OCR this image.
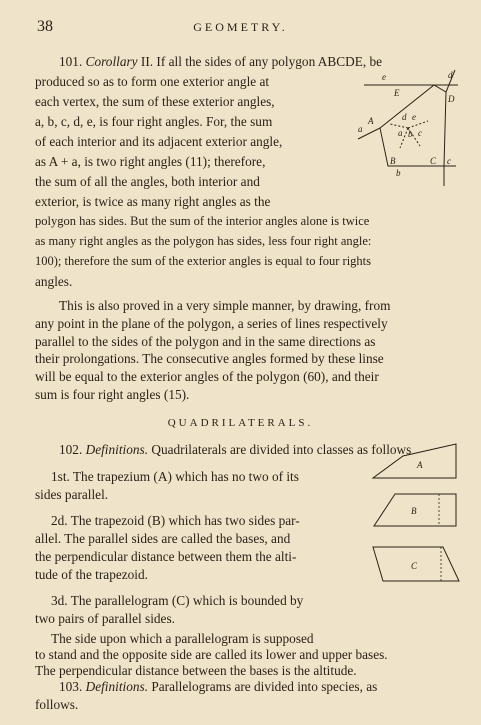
38	GEOMETRY.

101. Corollary II. If all the sides of any polygon ABCDE, be

produced so as to form one exterior angle at

each vertex, the sum of these exterior angles,

a, b, c, d, e, is four right angles. For, the sum

of each interior and its adjacent exterior angle,

as A + a, is two right angles (11); therefore,

the sum of all the angles, both interior and

exterior, is twice as many right angles as the

polygon has sides. But the sum of the interior angles alone is twice

as many right angles as the polygon has sides, less four right angle:

100); therefore the sum of the exterior angles is equal to four rights

angles.

e
E
d
D
a
A	d e
a b c
B	C c
b

This is also proved in a very simple manner, by drawing, from

any point in the plane of the polygon, a series of lines respectively

parallel to the sides of the polygon and in the same directions as

their prolongations. The consecutive angles formed by these linse

will be equal to the exterior angles of the polygon (60), and their

sum is four right angles (15).

QUADRILATERALS.

102. Definitions. Quadrilaterals are divided into classes as follows

1st. The trapezium (A) which has no two of its

sides parallel.

A

2d. The trapezoid (B) which has two sides par-

allel. The parallel sides are called the bases, and

the perpendicular distance between them the alti-

tude of the trapezoid.

B

3d. The parallelogram (C) which is bounded by

two pairs of parallel sides.

C

The side upon which a parallelogram is supposed

to stand and the opposite side are called its lower and upper bases.

The perpendicular distance between the bases is the altitude.

103. Definitions. Parallelograms are divided into species, as

follows.
